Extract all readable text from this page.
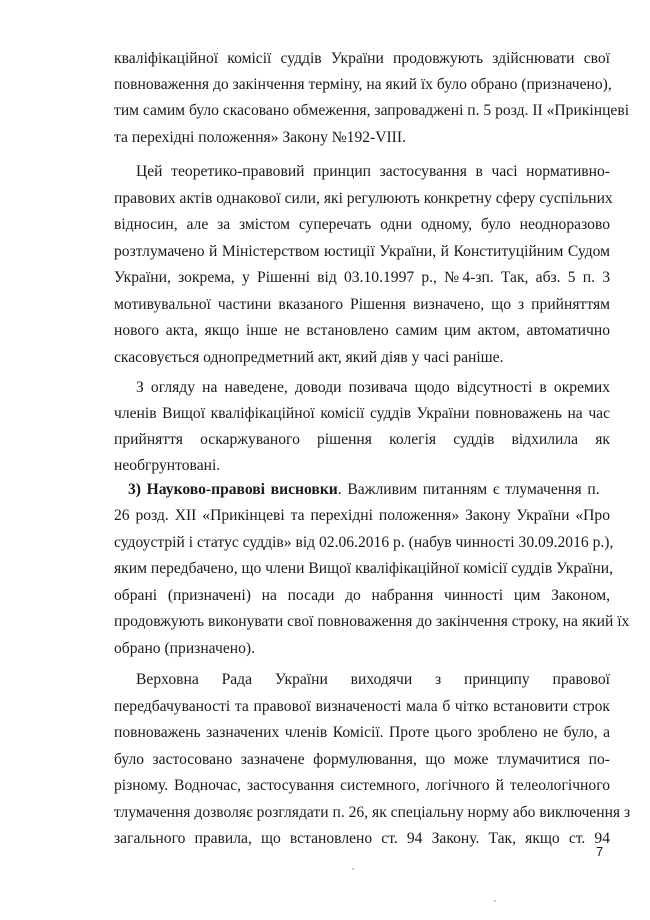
кваліфікаційної комісії суддів України продовжують здійснювати свої
повноваження до закінчення терміну, на який їх було обрано (призначено),
тим самим було скасовано обмеження, запроваджені п. 5 розд. ІІ «Прикінцеві
та перехідні положення» Закону №192-VIII.
Цей теоретико-правовий принцип застосування в часі нормативно-
правових актів однакової сили, які регулюють конкретну сферу суспільних
відносин, але за змістом суперечать одни одному, було неодноразово
розтлумачено й Міністерством юстиції України, й Конституційним Судом
України, зокрема, у Рішенні від 03.10.1997 р., №4-зп. Так, абз. 5 п. 3
мотивувальної частини вказаного Рішення визначено, що з прийняттям
нового акта, якщо інше не встановлено самим цим актом, автоматично
скасовується однопредметний акт, який діяв у часі раніше.
З огляду на наведене, доводи позивача щодо відсутності в окремих
членів Вищої кваліфікаційної комісії суддів України повноважень на час
прийняття оскаржуваного рішення колегія суддів відхилила як
необгрунтовані.
3) Науково-правові висновки. Важливим питанням є тлумачення п.
26 розд. ХІІ «Прикінцеві та перехідні положення» Закону України «Про
судоустрій і статус суддів» від 02.06.2016 р. (набув чинності 30.09.2016 р.),
яким передбачено, що члени Вищої кваліфікаційної комісії суддів України,
обрані (призначені) на посади до набрання чинності цим Законом,
продовжують виконувати свої повноваження до закінчення строку, на який їх
обрано (призначено).
Верховна Рада України виходячи з принципу правової
передбачуваності та правової визначеності мала б чітко встановити строк
повноважень зазначених членів Комісії. Проте цього зроблено не було, а
було застосовано зазначене формулювання, що може тлумачитися по-
різному. Водночас, застосування системного, логічного й телеологічного
тлумачення дозволяє розглядати п. 26, як спеціальну норму або виключення з
загального правила, що встановлено ст. 94 Закону. Так, якщо ст. 94
7
